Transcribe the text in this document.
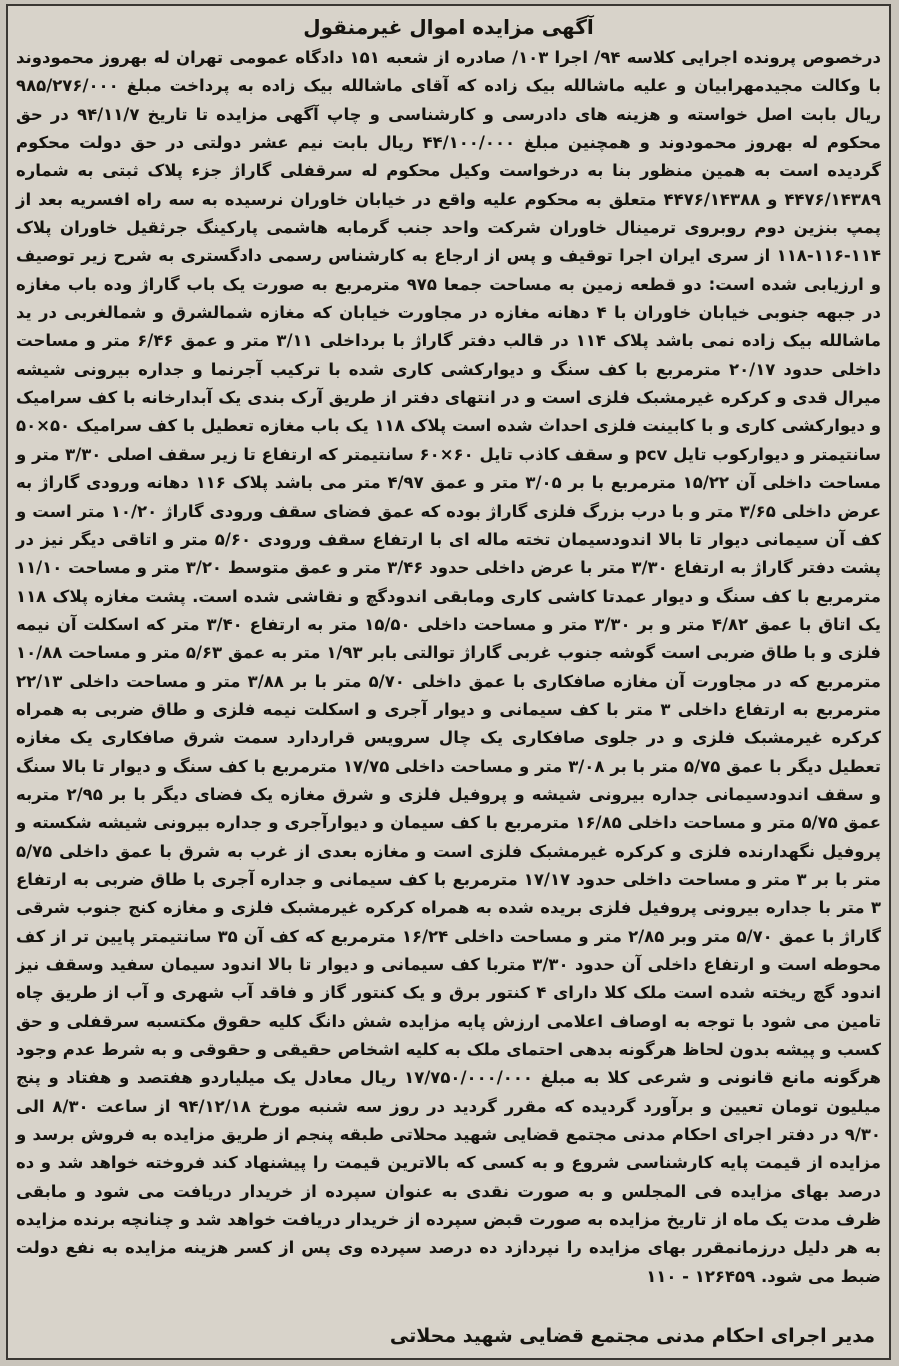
آگهی مزایده اموال غیرمنقول

درخصوص پرونده اجرایی کلاسه ۹۴/ اجرا ۱۰۳/ صادره از شعبه ۱۵۱ دادگاه عمومی تهران له بهروز محمودوند با وکالت مجیدمهرابیان و علیه ماشالله بیک زاده که آقای ماشالله بیک زاده به پرداخت مبلغ ۹۸۵/۲۷۶/۰۰۰ ریال بابت اصل خواسته و هزینه های دادرسی و کارشناسی و چاپ آگهی مزایده تا تاریخ ۹۴/۱۱/۷ در حق محکوم له بهروز محمودوند و همچنین مبلغ ۴۴/۱۰۰/۰۰۰ ریال بابت نیم عشر دولتی در حق دولت محکوم گردیده است به همین منظور بنا به درخواست وکیل محکوم له سرقفلی گاراژ جزء پلاک ثبتی به شماره ۴۴۷۶/۱۴۳۸۹ و ۴۴۷۶/۱۴۳۸۸ متعلق به محکوم علیه واقع در خیابان خاوران نرسیده به سه راه افسریه بعد از پمپ بنزین دوم روبروی ترمینال خاوران شرکت واحد جنب گرمابه هاشمی پارکینگ جرثقیل خاوران پلاک ۱۱۴-۱۱۶-۱۱۸ از سری ایران اجرا توقیف و پس از ارجاع به کارشناس رسمی دادگستری به شرح زیر توصیف و ارزیابی شده است: دو قطعه زمین به مساحت جمعا ۹۷۵ مترمربع به صورت یک باب گاراژ وده باب مغازه در جبهه جنوبی خیابان خاوران با ۴ دهانه مغازه در مجاورت خیابان که مغازه شمالشرق و شمالغربی در ید ماشالله بیک زاده نمی باشد پلاک ۱۱۴ در قالب دفتر گاراژ با برداخلی ۳/۱۱ متر و عمق ۶/۴۶ متر و مساحت داخلی حدود ۲۰/۱۷ مترمربع با کف سنگ و دیوارکشی کاری شده با ترکیب آجرنما و جداره بیرونی شیشه میرال قدی و کرکره غیرمشبک فلزی است و در انتهای دفتر از طریق آرک بندی یک آبدارخانه با کف سرامیک و دیوارکشی کاری و با کابینت فلزی احداث شده است پلاک ۱۱۸ یک باب مغازه تعطیل با کف سرامیک ۵۰×۵۰ سانتیمتر و دیوارکوب تایل pcv و سقف کاذب تایل ۶۰×۶۰ سانتیمتر که ارتفاع تا زیر سقف اصلی ۳/۳۰ متر و مساحت داخلی آن ۱۵/۲۲ مترمربع با بر ۳/۰۵ متر و عمق ۴/۹۷ متر می باشد پلاک ۱۱۶ دهانه ورودی گاراژ به عرض داخلی ۳/۶۵ متر و با درب بزرگ فلزی گاراژ بوده که عمق فضای سقف ورودی گاراژ ۱۰/۲۰ متر است و کف آن سیمانی دیوار تا بالا اندودسیمان تخته ماله ای با ارتفاع سقف ورودی ۵/۶۰ متر و اتاقی دیگر نیز در پشت دفتر گاراژ به ارتفاع ۳/۳۰ متر با عرض داخلی حدود ۳/۴۶ متر و عمق متوسط ۳/۲۰ متر و مساحت ۱۱/۱۰ مترمربع با کف سنگ و دیوار عمدتا کاشی کاری ومابقی اندودگچ و نقاشی شده است. پشت مغازه پلاک ۱۱۸ یک اتاق با عمق ۴/۸۲ متر و بر ۳/۳۰ متر و مساحت داخلی ۱۵/۵۰ متر به ارتفاع ۳/۴۰ متر که اسکلت آن نیمه فلزی و با طاق ضربی است گوشه جنوب غربی گاراژ توالتی بابر ۱/۹۳ متر به عمق ۵/۶۳ متر و مساحت ۱۰/۸۸ مترمربع که در مجاورت آن مغازه صافکاری با عمق داخلی ۵/۷۰ متر با بر ۳/۸۸ متر و مساحت داخلی ۲۲/۱۳ مترمربع به ارتفاع داخلی ۳ متر با کف سیمانی و دیوار آجری و اسکلت نیمه فلزی و طاق ضربی به همراه کرکره غیرمشبک فلزی و در جلوی صافکاری یک چال سرویس قراردارد سمت شرق صافکاری یک مغازه تعطیل دیگر با عمق ۵/۷۵ متر با بر ۳/۰۸ متر و مساحت داخلی ۱۷/۷۵ مترمربع با کف سنگ و دیوار تا بالا سنگ و سقف اندودسیمانی جداره بیرونی شیشه و پروفیل فلزی و شرق مغازه یک فضای دیگر با بر ۲/۹۵ متربه عمق ۵/۷۵ متر و مساحت داخلی ۱۶/۸۵ مترمربع با کف سیمان و دیوارآجری و جداره بیرونی شیشه شکسته و پروفیل نگهدارنده فلزی و کرکره غیرمشبک فلزی است و مغازه بعدی از غرب به شرق با عمق داخلی ۵/۷۵ متر با بر ۳ متر و مساحت داخلی حدود ۱۷/۱۷ مترمربع با کف سیمانی و جداره آجری با طاق ضربی به ارتفاع ۳ متر با جداره بیرونی پروفیل فلزی بریده شده به همراه کرکره غیرمشبک فلزی و مغازه کنج جنوب شرقی گاراژ با عمق ۵/۷۰ متر وبر ۲/۸۵ متر و مساحت داخلی ۱۶/۲۴ مترمربع که کف آن ۳۵ سانتیمتر پایین تر از کف محوطه است و ارتفاع داخلی آن حدود ۳/۳۰ متربا کف سیمانی و دیوار تا بالا اندود سیمان سفید وسقف نیز اندود گچ ریخته شده است ملک کلا دارای ۴ کنتور برق و یک کنتور گاز و فاقد آب شهری و آب از طریق چاه تامین می شود با توجه به اوصاف اعلامی ارزش پایه مزایده شش دانگ کلیه حقوق مکتسبه سرقفلی و حق کسب و پیشه بدون لحاظ هرگونه بدهی احتمای ملک به کلیه اشخاص حقیقی و حقوقی و به شرط عدم وجود هرگونه مانع قانونی و شرعی کلا به مبلغ ۱۷/۷۵۰/۰۰۰/۰۰۰ ریال معادل یک میلیاردو هفتصد و هفتاد و پنج میلیون تومان تعیین و برآورد گردیده که مقرر گردید در روز سه شنبه مورخ ۹۴/۱۲/۱۸ از ساعت ۸/۳۰ الی ۹/۳۰ در دفتر اجرای احکام مدنی مجتمع قضایی شهید محلاتی طبقه پنجم از طریق مزایده به فروش برسد و مزایده از قیمت پایه کارشناسی شروع و به کسی که بالاترین قیمت را پیشنهاد کند فروخته خواهد شد و ده درصد بهای مزایده فی المجلس و به صورت نقدی به عنوان سپرده از خریدار دریافت می شود و مابقی ظرف مدت یک ماه از تاریخ مزایده به صورت قبض سپرده از خریدار دریافت خواهد شد و چنانچه برنده مزایده به هر دلیل درزمانمقرر بهای مزایده را نپردازد ده درصد سپرده وی پس از کسر هزینه مزایده به نفع دولت ضبط می شود. ۱۲۶۴۵۹ - ۱۱۰

مدیر اجرای احکام مدنی مجتمع قضایی شهید محلاتی
